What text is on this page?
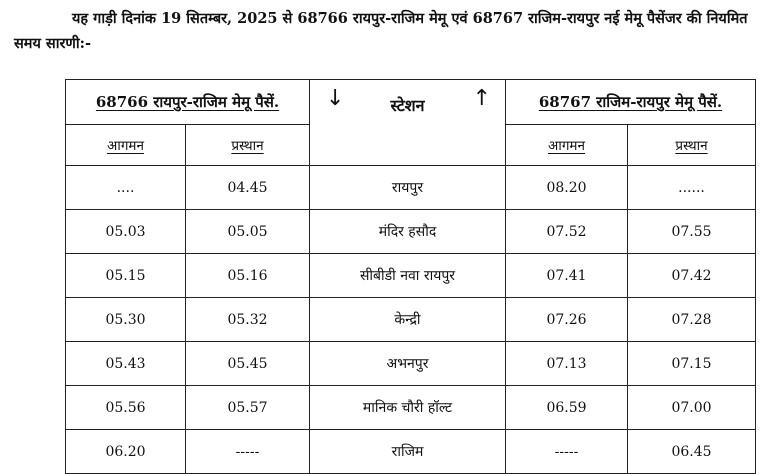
यह गाड़ी दिनांक 19 सितम्बर, 2025 से 68766 रायपुर-राजिम मेमू एवं 68767 राजिम-रायपुर नई मेमू पैसेंजर की नियमित समय सारणी:-
68766 रायपुर-राजिम मेमू पैसें.		↓ स्टेशन ↑	68767 राजिम-रायपुर मेमू पैसें.	
आगमन	प्रस्थान		आगमन	प्रस्थान
....	04.45	रायपुर	08.20	......
05.03	05.05	मंदिर हसौद	07.52	07.55
05.15	05.16	सीबीडी नवा रायपुर	07.41	07.42
05.30	05.32	केन्द्री	07.26	07.28
05.43	05.45	अभनपुर	07.13	07.15
05.56	05.57	मानिक चौरी हॉल्ट	06.59	07.00
06.20	-----	राजिम	-----	06.45
